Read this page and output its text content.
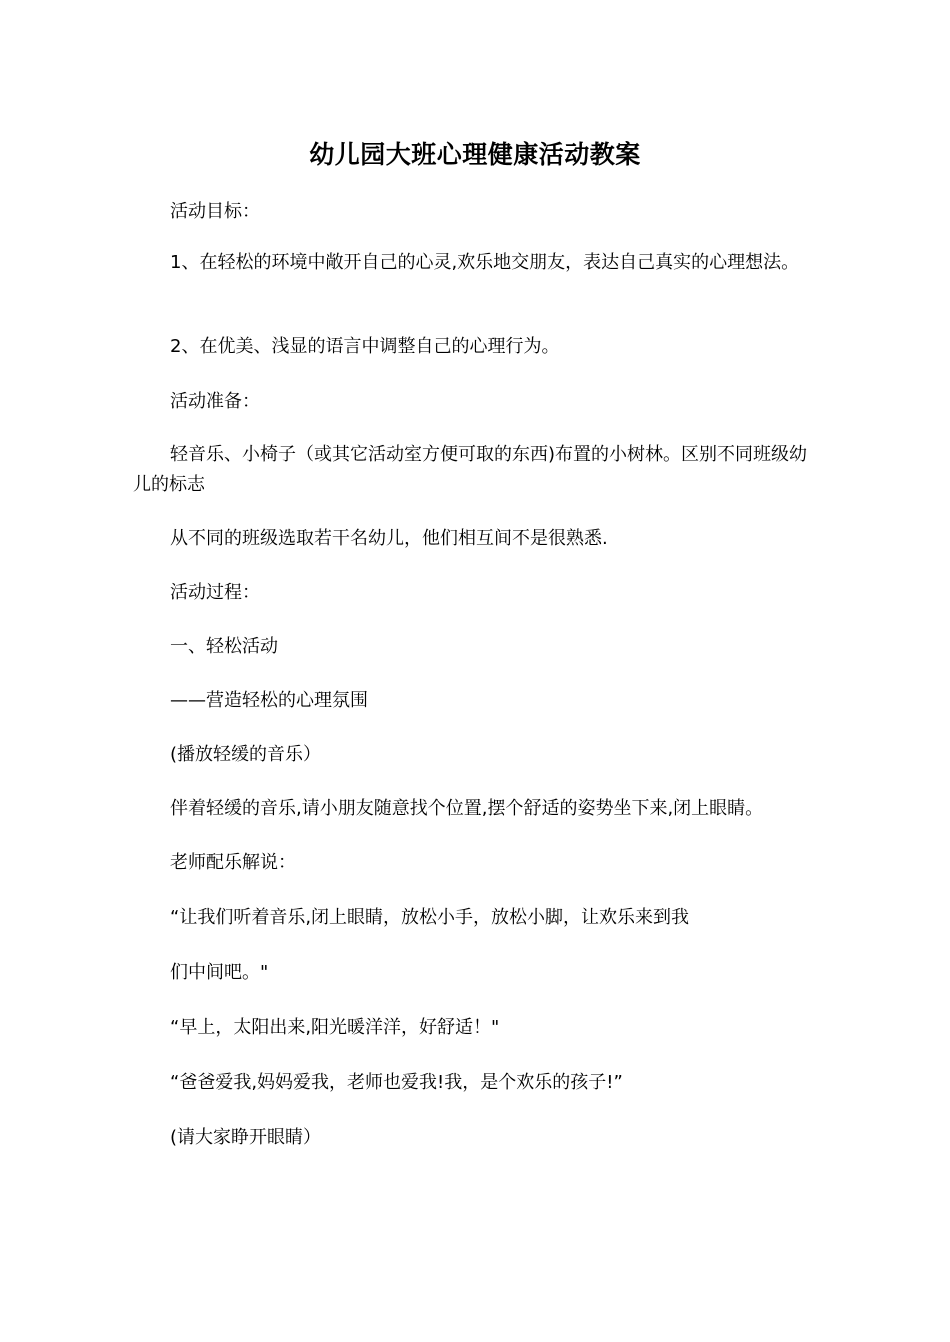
幼儿园大班心理健康活动教案

活动目标：

1、在轻松的环境中敞开自己的心灵,欢乐地交朋友，表达自己真实的心理想法。

2、在优美、浅显的语言中调整自己的心理行为。

活动准备：

轻音乐、小椅子（或其它活动室方便可取的东西)布置的小树林。区别不同班级幼儿的标志

从不同的班级选取若干名幼儿，他们相互间不是很熟悉.

活动过程：

一、轻松活动

——营造轻松的心理氛围

(播放轻缓的音乐）

伴着轻缓的音乐,请小朋友随意找个位置,摆个舒适的姿势坐下来,闭上眼睛。

老师配乐解说：

“让我们听着音乐,闭上眼睛，放松小手，放松小脚，让欢乐来到我

们中间吧。"

“早上，太阳出来,阳光暖洋洋，好舒适！"

“爸爸爱我,妈妈爱我，老师也爱我!我，是个欢乐的孩子!”

(请大家睁开眼睛）
